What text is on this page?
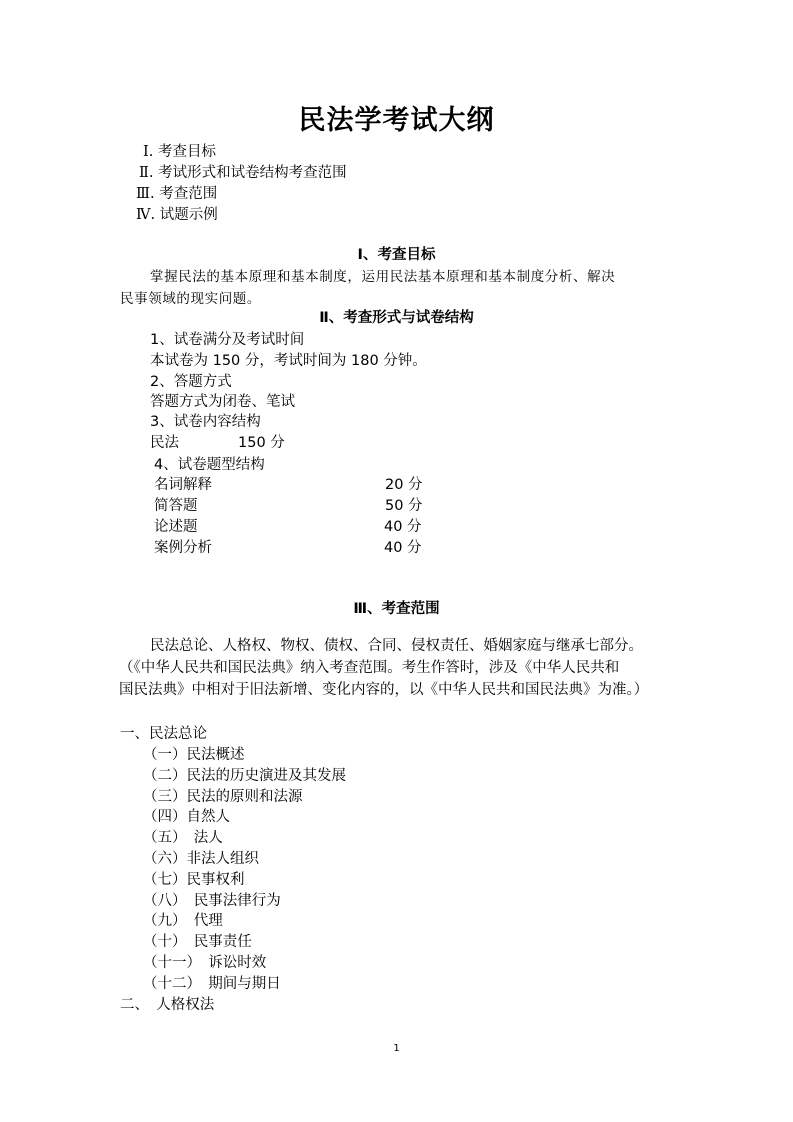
民法学考试大纲
Ⅰ. 考查目标
Ⅱ. 考试形式和试卷结构考查范围
Ⅲ. 考查范围
Ⅳ. 试题示例
Ⅰ、考查目标
掌握民法的基本原理和基本制度，运用民法基本原理和基本制度分析、解决
民事领域的现实问题。
Ⅱ、考查形式与试卷结构
1、试卷满分及考试时间
本试卷为 150 分，考试时间为 180 分钟。
2、答题方式
答题方式为闭卷、笔试
3、试卷内容结构
民法	150 分
4、试卷题型结构
名词解释	20 分
简答题	50 分
论述题	40 分
案例分析	40 分
Ⅲ、考查范围
民法总论、人格权、物权、债权、合同、侵权责任、婚姻家庭与继承七部分。
（《中华人民共和国民法典》纳入考查范围。考生作答时，涉及《中华人民共和
国民法典》中相对于旧法新增、变化内容的，以《中华人民共和国民法典》为准。）
一、民法总论
（一）民法概述
（二）民法的历史演进及其发展
（三）民法的原则和法源
（四）自然人
（五）　法人
（六）非法人组织
（七）民事权利
（八）　民事法律行为
（九）　代理
（十）　民事责任
（十一）　诉讼时效
（十二）　期间与期日
二、　人格权法
1
